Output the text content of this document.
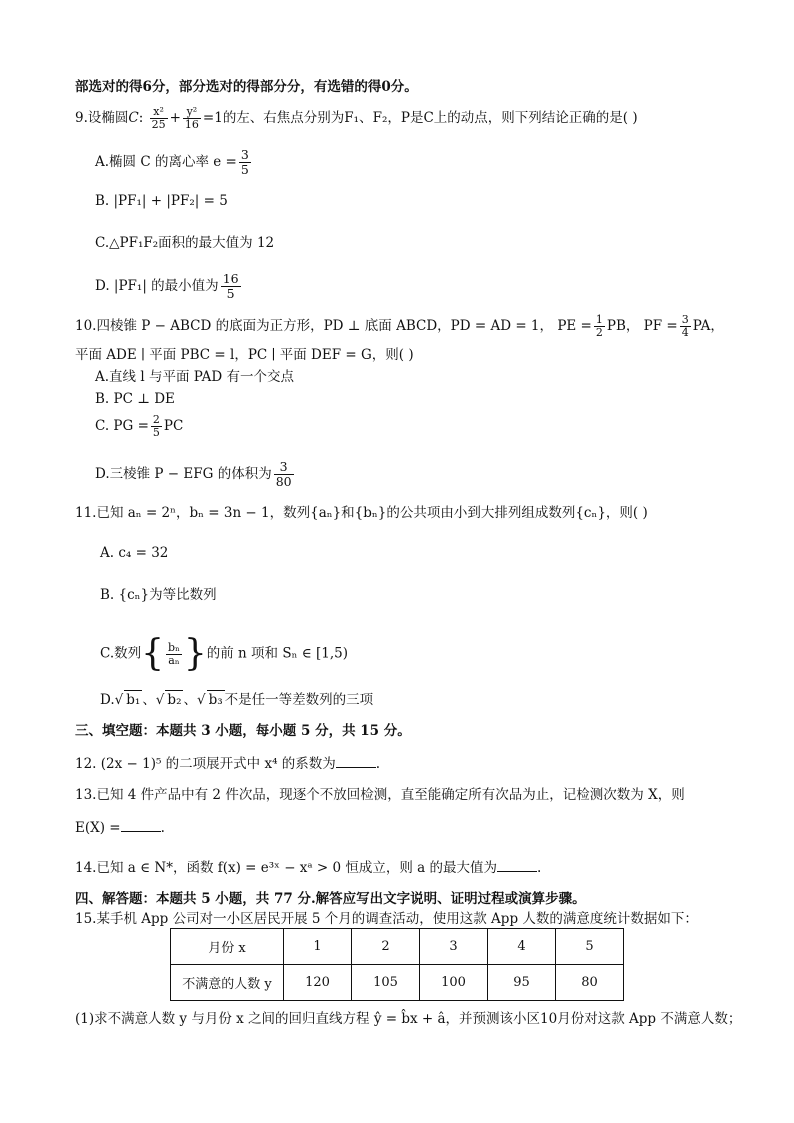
部选对的得6分，部分选对的得部分分，有选错的得0分。
9.设椭圆C: $\frac{\text{x²}}{25} + \frac{\text{y²}}{16} =1$的左、右焦点分别为F₁、F₂，P是C上的动点，则下列结论正确的是( )
A.椭圆 C 的离心率 $e = \frac{3}{5}$
B. |PF₁| + |PF₂| = 5
C.△PF₁F₂面积的最大值为 12
D. |PF₁| 的最小值为 $\frac{16}{5}$
10.四棱锥 P − ABCD 的底面为正方形，PD ⊥ 底面 ABCD，PD = AD = 1， PE = $\frac{1}{2}$ PB， PF = $\frac{3}{4}$ PA，
平面 ADE ∣ 平面 PBC = l，PC ∣ 平面 DEF = G，则( )
A.直线 l 与平面 PAD 有一个交点
B. PC ⊥ DE
C. PG = $\frac{2}{5}$ PC
D.三棱锥 P − EFG 的体积为 $\frac{3}{80}$
11.已知 aₙ = 2ⁿ，bₙ = 3n − 1，数列{aₙ}和{bₙ}的公共项由小到大排列组成数列{cₙ}，则( )
A. c₄ = 32
B. {cₙ}为等比数列
C.数列 { $\frac{\text{bₙ}}{\text{aₙ}}$ } 的前 n 项和 Sₙ ∈ [1,5)
D.√ b₁ 、√ b₂ 、√ b₃ 不是任一等差数列的三项
三、填空题：本题共 3 小题，每小题 5 分，共 15 分。
12. (2x − 1)⁵ 的二项展开式中 x⁴ 的系数为	.
13.已知 4 件产品中有 2 件次品，现逐个不放回检测，直至能确定所有次品为止，记检测次数为 X，则
E(X) =	.
14.已知 a ∈ N*，函数 f(x) = e³ˣ − xᵃ > 0 恒成立，则 a 的最大值为	.
四、解答题：本题共 5 小题，共 77 分.解答应写出文字说明、证明过程或演算步骤。
15.某手机 App 公司对一小区居民开展 5 个月的调查活动，使用这款 App 人数的满意度统计数据如下：
月份 x	1	2	3	4	5
不满意的人数 y	120	105	100	95	80
(1)求不满意人数 y 与月份 x 之间的回归直线方程 ŷ = b̂x + â，并预测该小区10月份对这款 App 不满意人数；
